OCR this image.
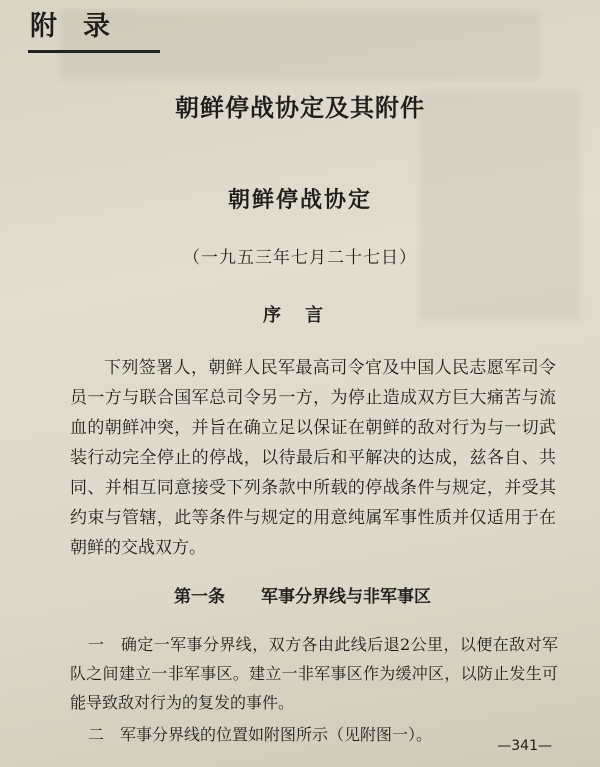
附录
朝鲜停战协定及其附件
朝鲜停战协定
（一九五三年七月二十七日）
序言

下列签署人，朝鲜人民军最高司令官及中国人民志愿军司令员一方与联合国军总司令另一方，为停止造成双方巨大痛苦与流血的朝鲜冲突，并旨在确立足以保证在朝鲜的敌对行为与一切武装行动完全停止的停战，以待最后和平解决的达成，兹各自、共同、并相互同意接受下列条款中所载的停战条件与规定，并受其约束与管辖，此等条件与规定的用意纯属军事性质并仅适用于在朝鲜的交战双方。

第一条 军事分界线与非军事区

一　确定一军事分界线，双方各由此线后退2公里，以便在敌对军队之间建立一非军事区。建立一非军事区作为缓冲区，以防止发生可能导致敌对行为的复发的事件。

二　军事分界线的位置如附图所示（见附图一）。

—341—
